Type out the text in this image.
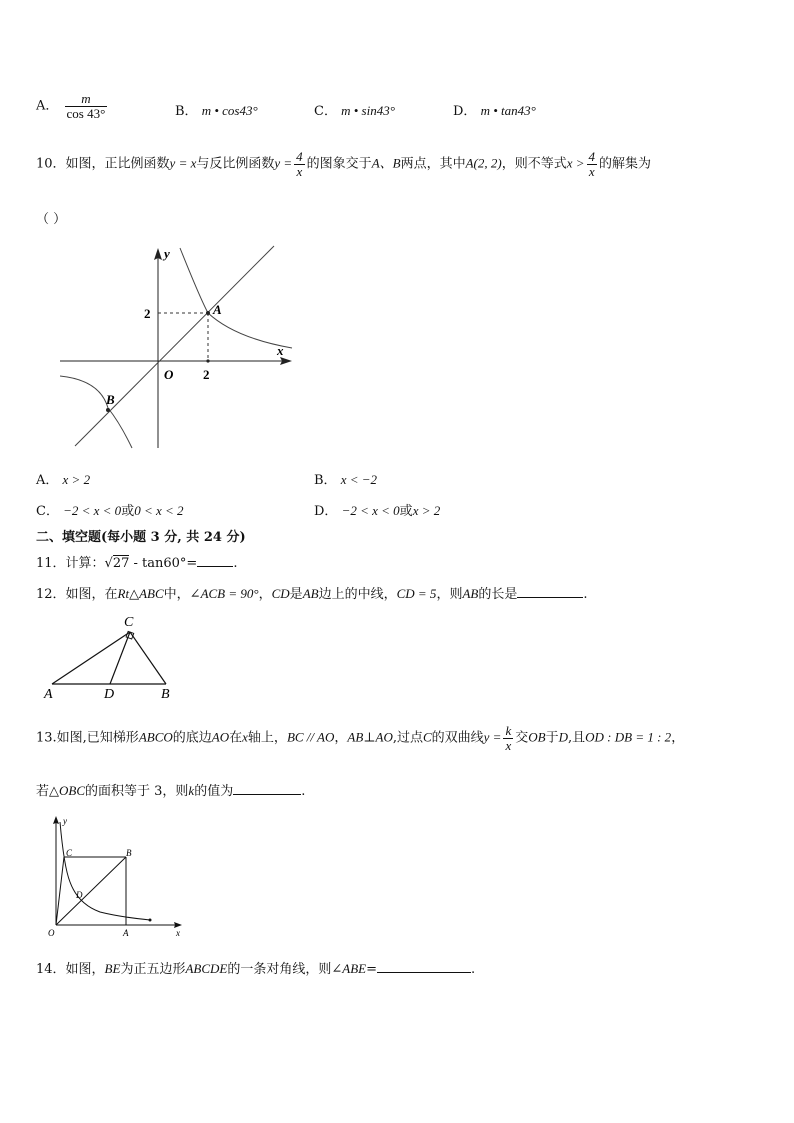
A． $\frac{m}{\cos 43^\circ}$	B． m • cos43°	C． m • sin43°	D． m • tan43°
10．如图，正比例函数y = x与反比例函数$y = \frac{4}{x}$ 的图象交于A、B两点，其中A(2, 2)，则不等式$x > \frac{4}{x}$ 的解集为
（ ）
y
x
A
B
O
2
2
A． x > 2	B． x < −2
C． −2 < x < 0或0 < x < 2	D． −2 < x < 0或x > 2
二、填空题(每小题 3 分, 共 24 分)
11．计算：√27 - tan60°=	.
12．如图，在Rt△ABC中，∠ACB = 90°，CD是AB边上的中线，CD = 5，则AB的长是	.
C
A	D	B
13.如图,已知梯形ABCO的底边AO在x轴上，BC // AO，AB⊥AO,过点C的双曲线$y = \frac{k}{x}$ 交OB于D,且OD : DB = 1 : 2，
若△OBC的面积等于 3，则k的值为	.
y
x
C	B
D
O	A
14．如图，BE为正五边形ABCDE的一条对角线，则∠ABE=	.
